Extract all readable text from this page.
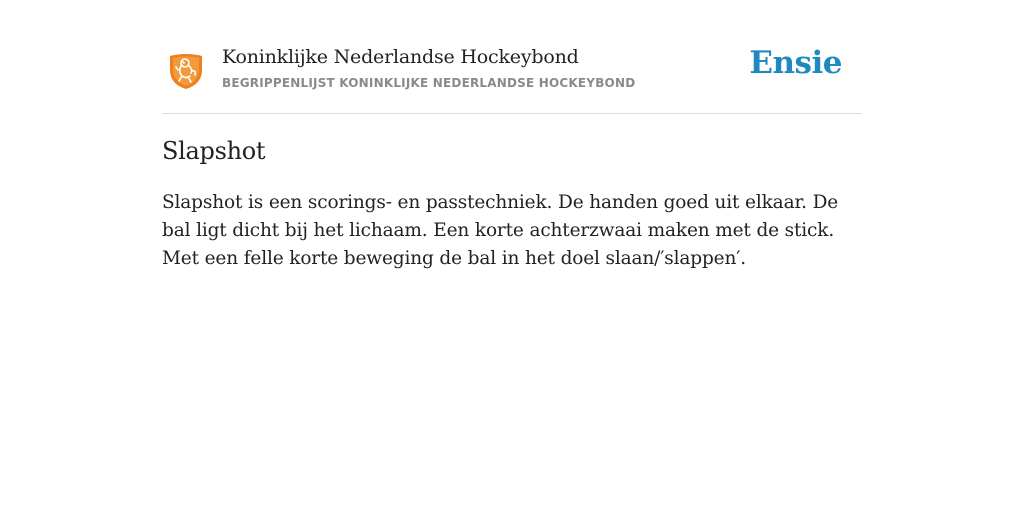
Koninklijke Nederlandse Hockeybond
BEGRIPPENLIJST KONINKLIJKE NEDERLANDSE HOCKEYBOND
Ensie
Slapshot

Slapshot is een scorings- en passtechniek. De handen goed uit elkaar. De bal ligt dicht bij het lichaam. Een korte achterzwaai maken met de stick. Met een felle korte beweging de bal in het doel slaan/′slappen′.
